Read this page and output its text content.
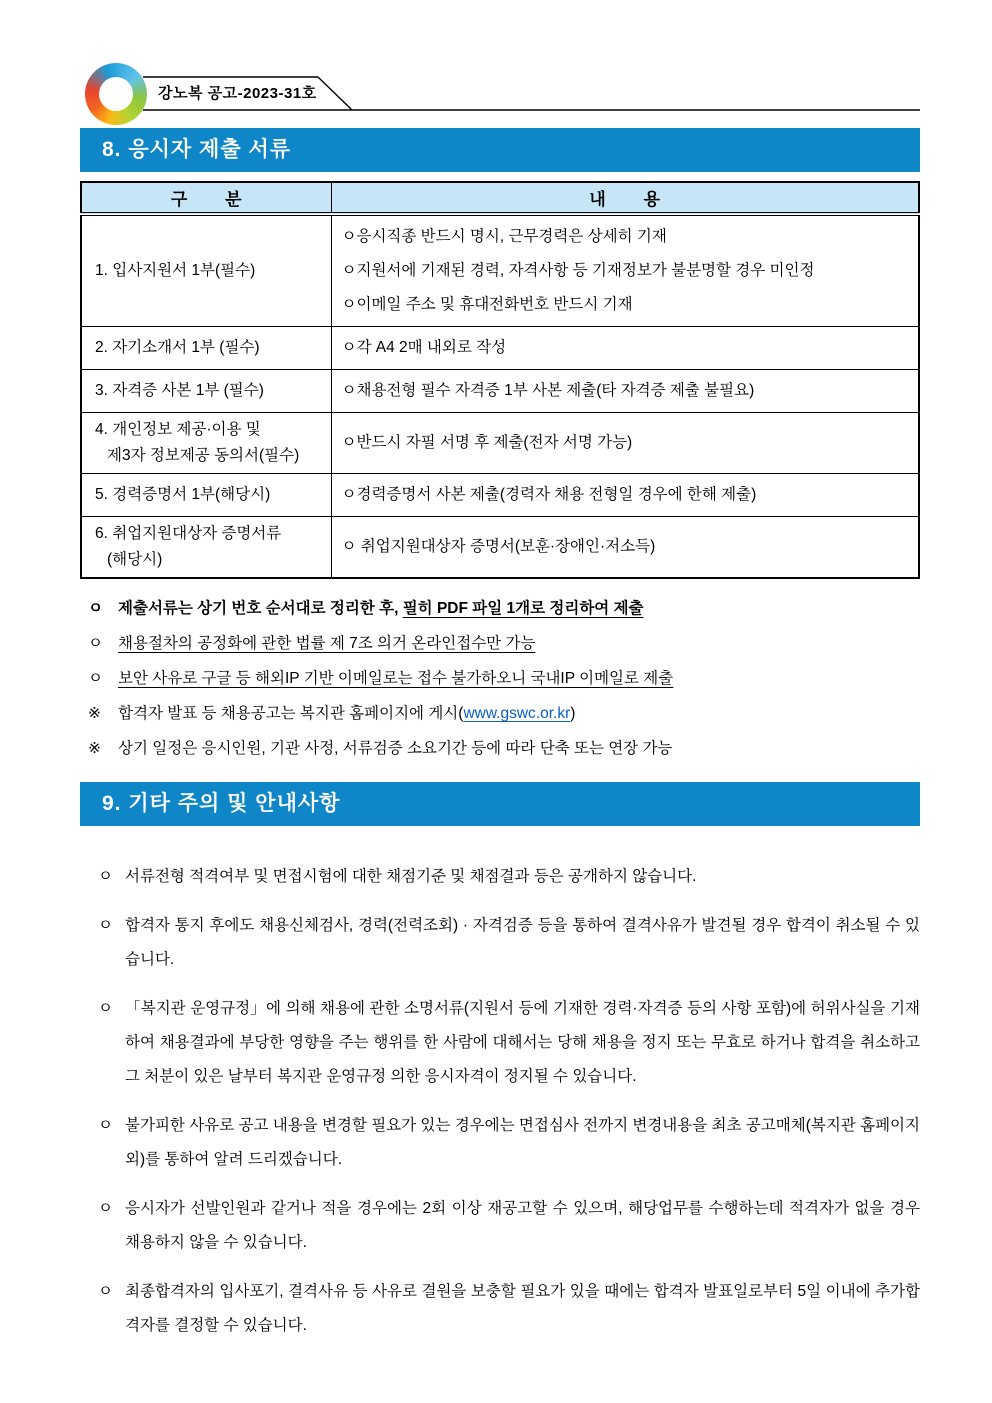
강노복 공고-2023-31호
8. 응시자 제출 서류
구        분	내        용

1. 입사지원서 1부(필수)	ㅇ응시직종 반드시 명시, 근무경력은 상세히 기재
ㅇ지원서에 기재된 경력, 자격사항 등 기재정보가 불분명할 경우 미인정
ㅇ이메일 주소 및 휴대전화번호 반드시 기재

2. 자기소개서 1부 (필수)	ㅇ각 A4 2매 내외로 작성

3. 자격증 사본 1부 (필수)	ㅇ채용전형 필수 자격증 1부 사본 제출(타 자격증 제출 불필요)

4. 개인정보 제공·이용 및
제3자 정보제공 동의서(필수)	ㅇ반드시 자필 서명 후 제출(전자 서명 가능)

5. 경력증명서 1부(해당시)	ㅇ경력증명서 사본 제출(경력자 채용 전형일 경우에 한해 제출)

6. 취업지원대상자 증명서류
(해당시)	ㅇ 취업지원대상자 증명서(보훈·장애인·저소득)
ㅇ 제출서류는 상기 번호 순서대로 정리한 후, 필히 PDF 파일 1개로 정리하여 제출
ㅇ 채용절차의 공정화에 관한 법률 제 7조 의거 온라인접수만 가능
ㅇ 보안 사유로 구글 등 해외IP 기반 이메일로는 접수 불가하오니 국내IP 이메일로 제출
※	합격자 발표 등 채용공고는 복지관 홈페이지에 게시(www.gswc.or.kr)
※	상기 일정은 응시인원, 기관 사정, 서류검증 소요기간 등에 따라 단축 또는 연장 가능
9. 기타 주의 및 안내사항
ㅇ 서류전형 적격여부 및 면접시험에 대한 채점기준 및 채점결과 등은 공개하지 않습니다.
ㅇ 합격자 통지 후에도 채용신체검사, 경력(전력조회) · 자격검증 등을 통하여 결격사유가 발견될 경우 합격이 취소될 수 있습니다.
ㅇ 「복지관 운영규정」에 의해 채용에 관한 소명서류(지원서 등에 기재한 경력·자격증 등의 사항 포함)에 허위사실을 기재하여 채용결과에 부당한 영향을 주는 행위를 한 사람에 대해서는 당해 채용을 정지 또는 무효로 하거나 합격을 취소하고 그 처분이 있은 날부터 복지관 운영규정 의한 응시자격이 정지될 수 있습니다.
ㅇ 불가피한 사유로 공고 내용을 변경할 필요가 있는 경우에는 면접심사 전까지 변경내용을 최초 공고매체(복지관 홈페이지 외)를 통하여 알려 드리겠습니다.
ㅇ 응시자가 선발인원과 같거나 적을 경우에는 2회 이상 재공고할 수 있으며, 해당업무를 수행하는데 적격자가 없을 경우 채용하지 않을 수 있습니다.
ㅇ 최종합격자의 입사포기, 결격사유 등 사유로 결원을 보충할 필요가 있을 때에는 합격자 발표일로부터 5일 이내에 추가합격자를 결정할 수 있습니다.
